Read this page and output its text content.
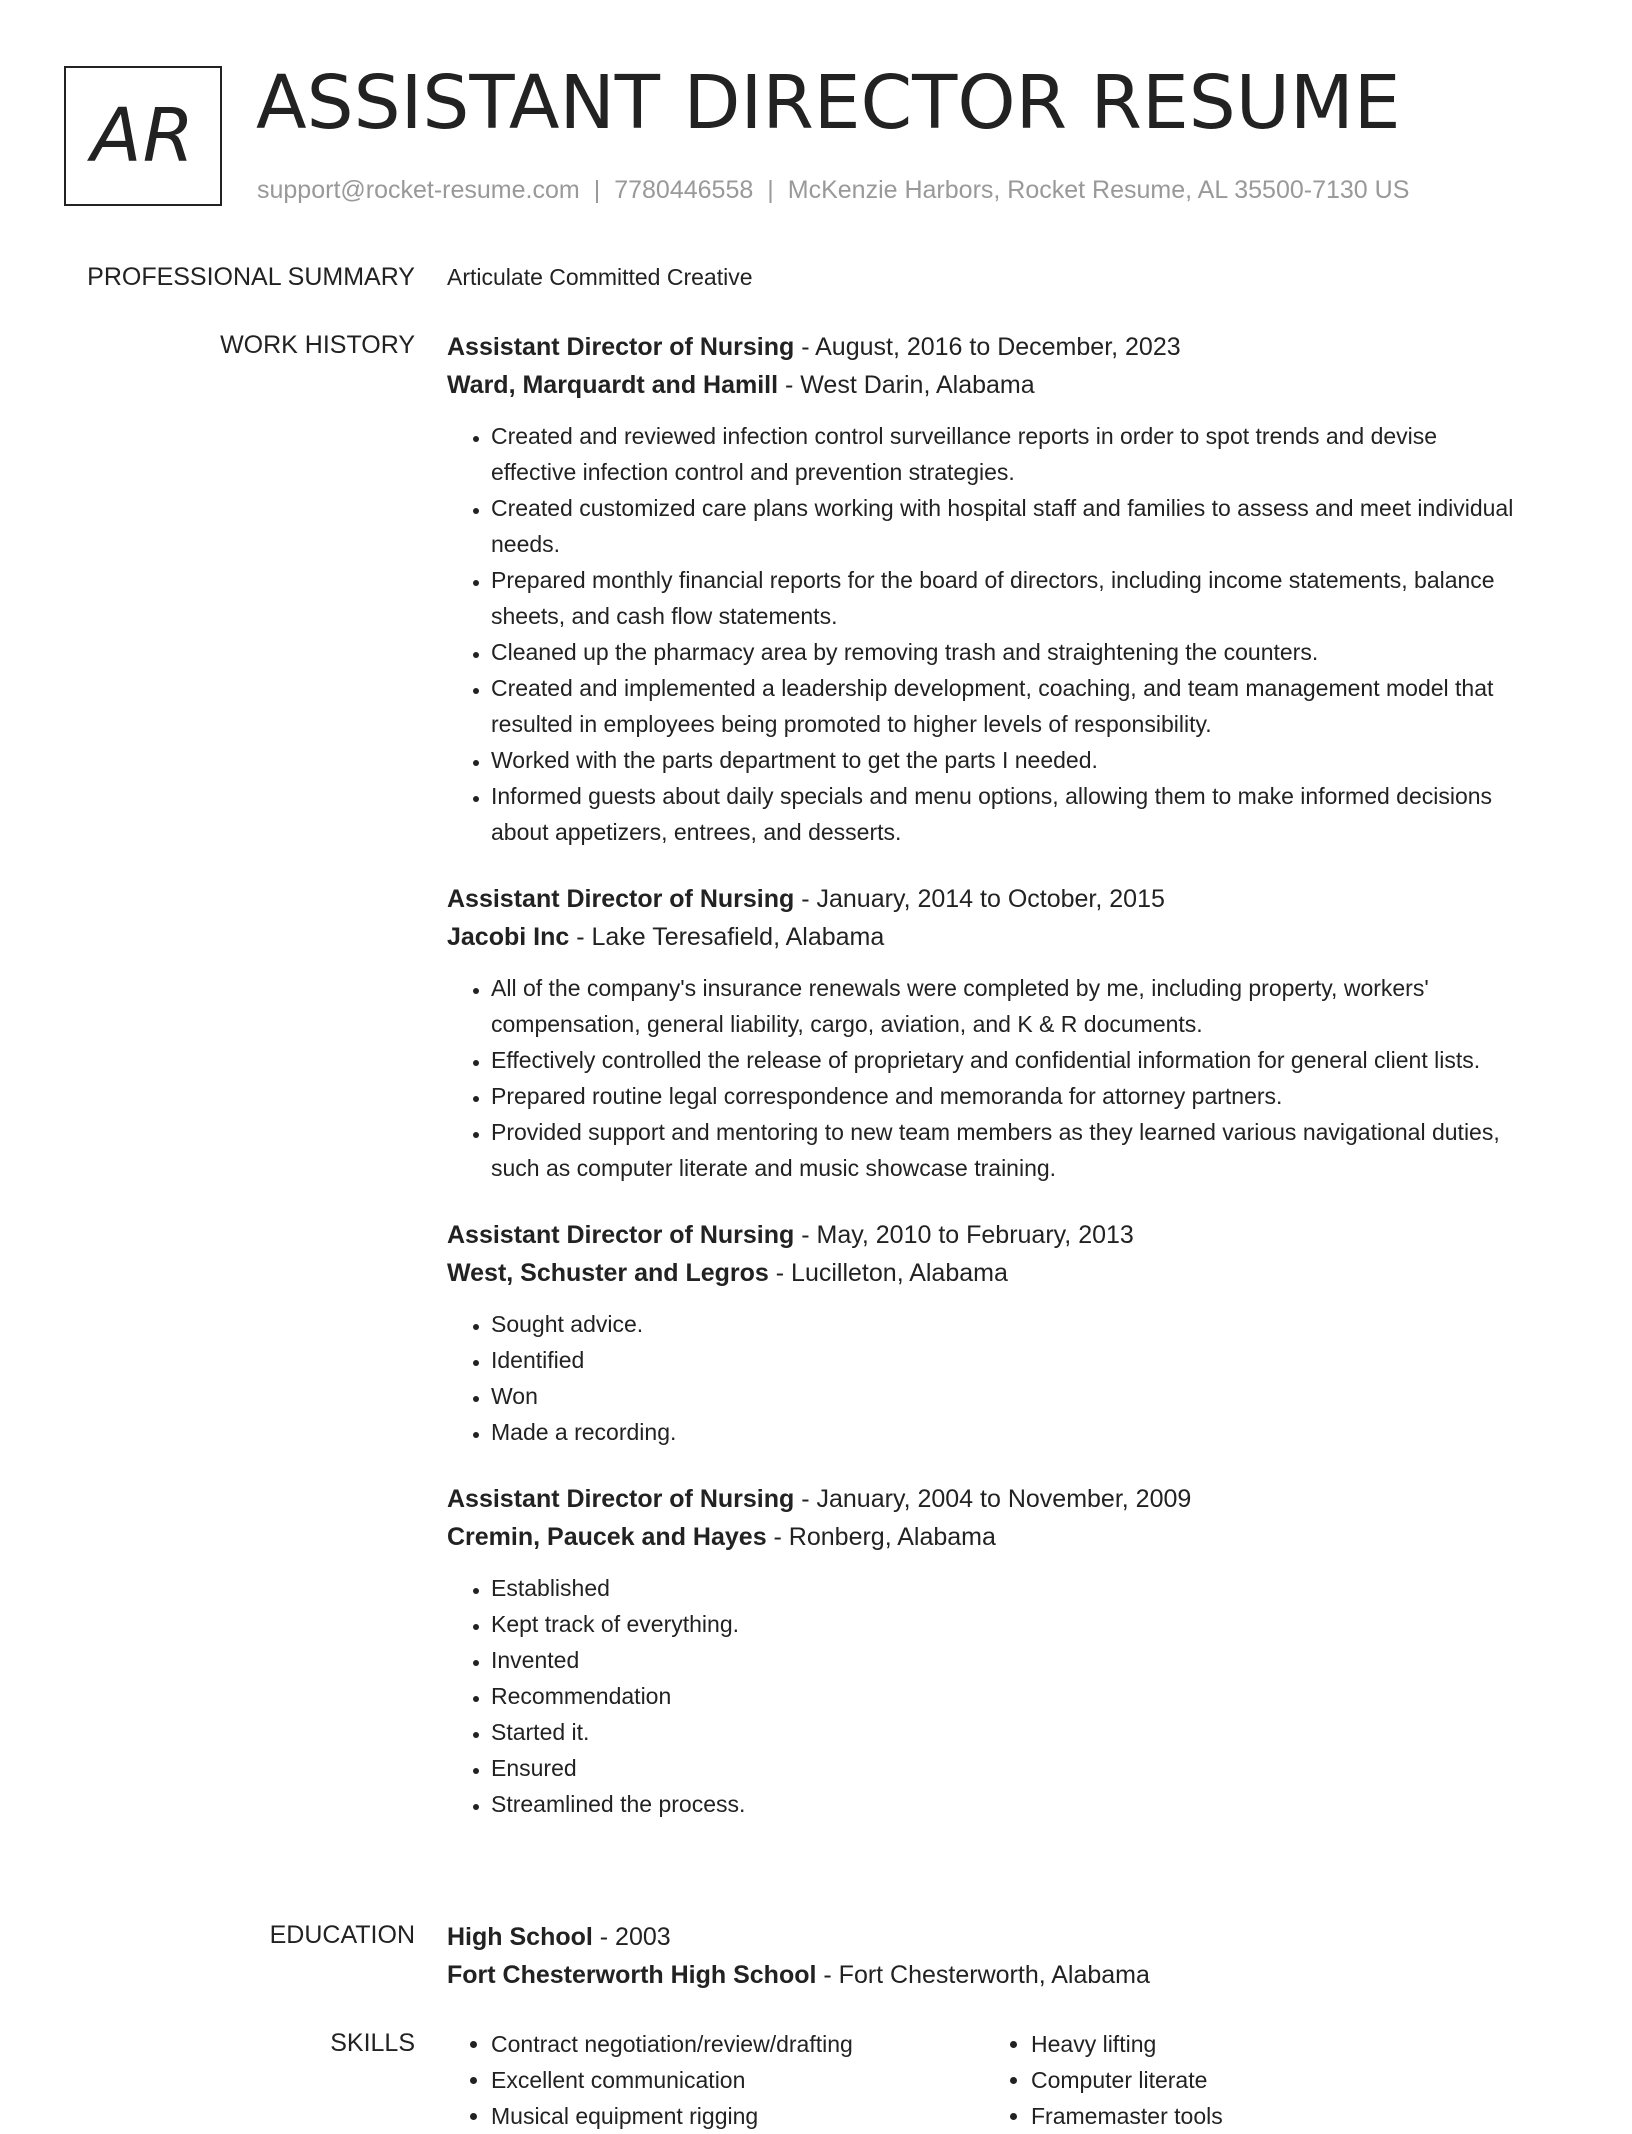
AR ASSISTANT DIRECTOR RESUME
support@rocket-resume.com | 7780446558 | McKenzie Harbors, Rocket Resume, AL 35500-7130 US
PROFESSIONAL SUMMARY Articulate Committed Creative
WORK HISTORY Assistant Director of Nursing - August, 2016 to December, 2023
Ward, Marquardt and Hamill - West Darin, Alabama
• Created and reviewed infection control surveillance reports in order to spot trends and devise effective infection control and prevention strategies.
• Created customized care plans working with hospital staff and families to assess and meet individual needs.
• Prepared monthly financial reports for the board of directors, including income statements, balance sheets, and cash flow statements.
• Cleaned up the pharmacy area by removing trash and straightening the counters.
• Created and implemented a leadership development, coaching, and team management model that resulted in employees being promoted to higher levels of responsibility.
• Worked with the parts department to get the parts I needed.
• Informed guests about daily specials and menu options, allowing them to make informed decisions about appetizers, entrees, and desserts.
Assistant Director of Nursing - January, 2014 to October, 2015
Jacobi Inc - Lake Teresafield, Alabama
• All of the company's insurance renewals were completed by me, including property, workers' compensation, general liability, cargo, aviation, and K & R documents.
• Effectively controlled the release of proprietary and confidential information for general client lists.
• Prepared routine legal correspondence and memoranda for attorney partners.
• Provided support and mentoring to new team members as they learned various navigational duties, such as computer literate and music showcase training.
Assistant Director of Nursing - May, 2010 to February, 2013
West, Schuster and Legros - Lucilleton, Alabama
• Sought advice.
• Identified
• Won
• Made a recording.
Assistant Director of Nursing - January, 2004 to November, 2009
Cremin, Paucek and Hayes - Ronberg, Alabama
• Established
• Kept track of everything.
• Invented
• Recommendation
• Started it.
• Ensured
• Streamlined the process.
EDUCATION High School - 2003
Fort Chesterworth High School - Fort Chesterworth, Alabama
SKILLS
•	Contract negotiation/review/drafting
• Excellent communication
• Musical equipment rigging
• Heavy lifting
• Computer literate
• Framemaster tools
